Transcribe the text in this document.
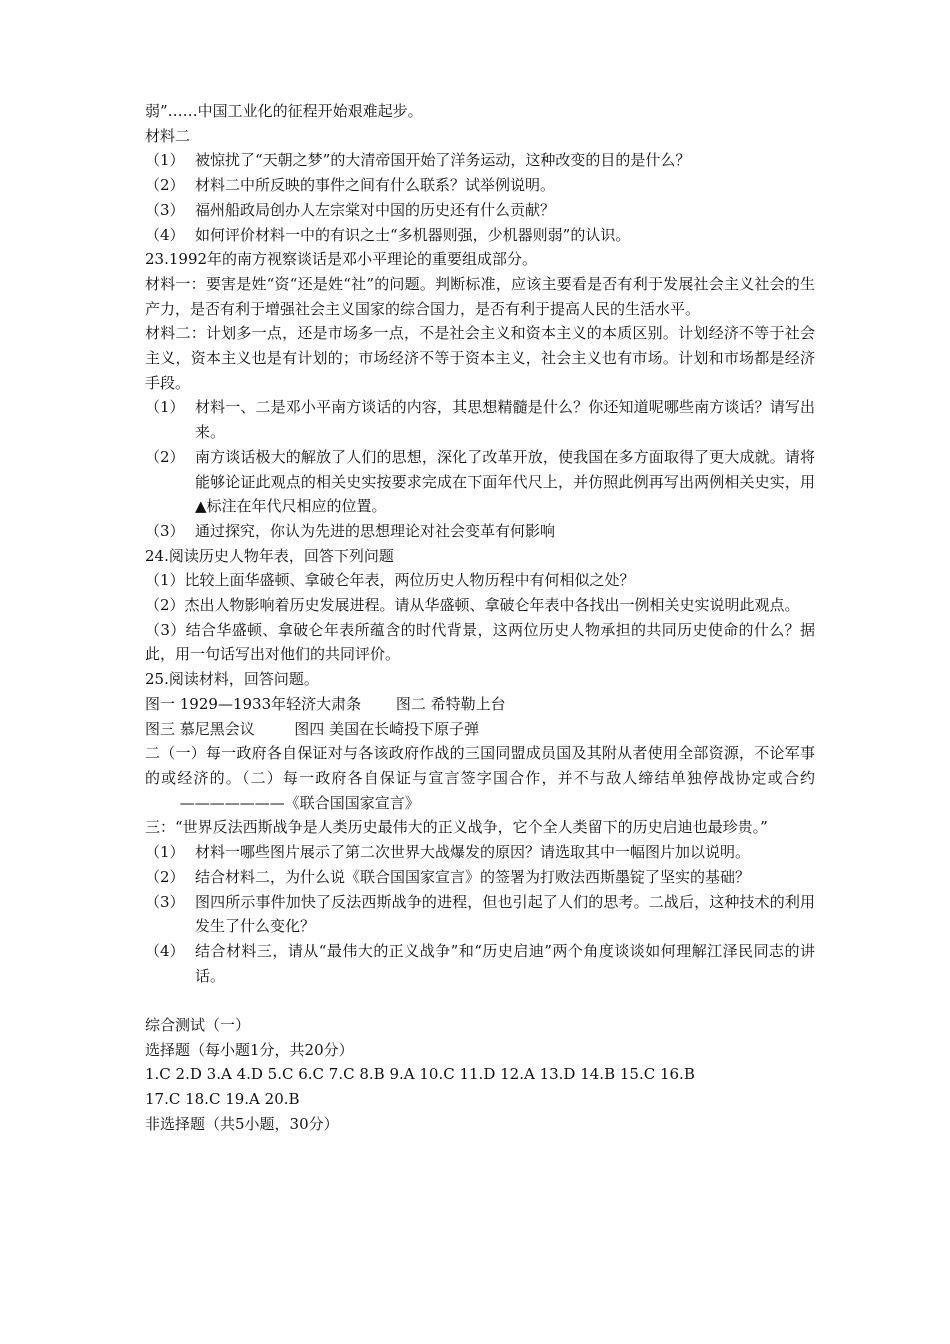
弱”……中国工业化的征程开始艰难起步。

材料二

（1） 被惊扰了“天朝之梦”的大清帝国开始了洋务运动，这种改变的目的是什么？
（2） 材料二中所反映的事件之间有什么联系？试举例说明。
（3） 福州船政局创办人左宗棠对中国的历史还有什么贡献？
（4） 如何评价材料一中的有识之士“多机器则强，少机器则弱”的认识。

23.1992年的南方视察谈话是邓小平理论的重要组成部分。

材料一：要害是姓“资“还是姓“社”的问题。判断标准，应该主要看是否有利于发展社会主义社会的生产力，是否有利于增强社会主义国家的综合国力，是否有利于提高人民的生活水平。

材料二：计划多一点，还是市场多一点，不是社会主义和资本主义的本质区别。计划经济不等于社会主义，资本主义也是有计划的；市场经济不等于资本主义，社会主义也有市场。计划和市场都是经济手段。

（1） 材料一、二是邓小平南方谈话的内容，其思想精髓是什么？你还知道呢哪些南方谈话？请写出来。
（2） 南方谈话极大的解放了人们的思想，深化了改革开放，使我国在多方面取得了更大成就。请将能够论证此观点的相关史实按要求完成在下面年代尺上，并仿照此例再写出两例相关史实，用▲标注在年代尺相应的位置。
（3） 通过探究，你认为先进的思想理论对社会变革有何影响

24.阅读历史人物年表，回答下列问题

（1）比较上面华盛顿、拿破仑年表，两位历史人物历程中有何相似之处？

（2）杰出人物影响着历史发展进程。请从华盛顿、拿破仑年表中各找出一例相关史实说明此观点。

（3）结合华盛顿、拿破仑年表所蕴含的时代背景，这两位历史人物承担的共同历史使命的什么？据此，用一句话写出对他们的共同评价。

25.阅读材料，回答问题。

图一 1929—1933年轻济大肃条 　　图二 希特勒上台

图三 慕尼黑会议 　　 图四 美国在长崎投下原子弹

二（一）每一政府各自保证对与各该政府作战的三国同盟成员国及其附从者使用全部资源，不论军事的或经济的。（二）每一政府各自保证与宣言签字国合作，并不与敌人缔结单独停战协定或合约 　　 ———————《联合国国家宣言》

三：“世界反法西斯战争是人类历史最伟大的正义战争，它个全人类留下的历史启迪也最珍贵。”

（1） 材料一哪些图片展示了第二次世界大战爆发的原因？请选取其中一幅图片加以说明。
（2） 结合材料二，为什么说《联合国国家宣言》的签署为打败法西斯墨锭了坚实的基础？
（3） 图四所示事件加快了反法西斯战争的进程，但也引起了人们的思考。二战后，这种技术的利用发生了什么变化？
（4） 结合材料三，请从“最伟大的正义战争”和“历史启迪”两个角度谈谈如何理解江泽民同志的讲话。

综合测试（一）

选择题（每小题1分，共20分）

1.C 2.D 3.A 4.D 5.C 6.C 7.C 8.B 9.A 10.C 11.D 12.A 13.D 14.B 15.C 16.B

17.C 18.C 19.A 20.B

非选择题（共5小题，30分）
